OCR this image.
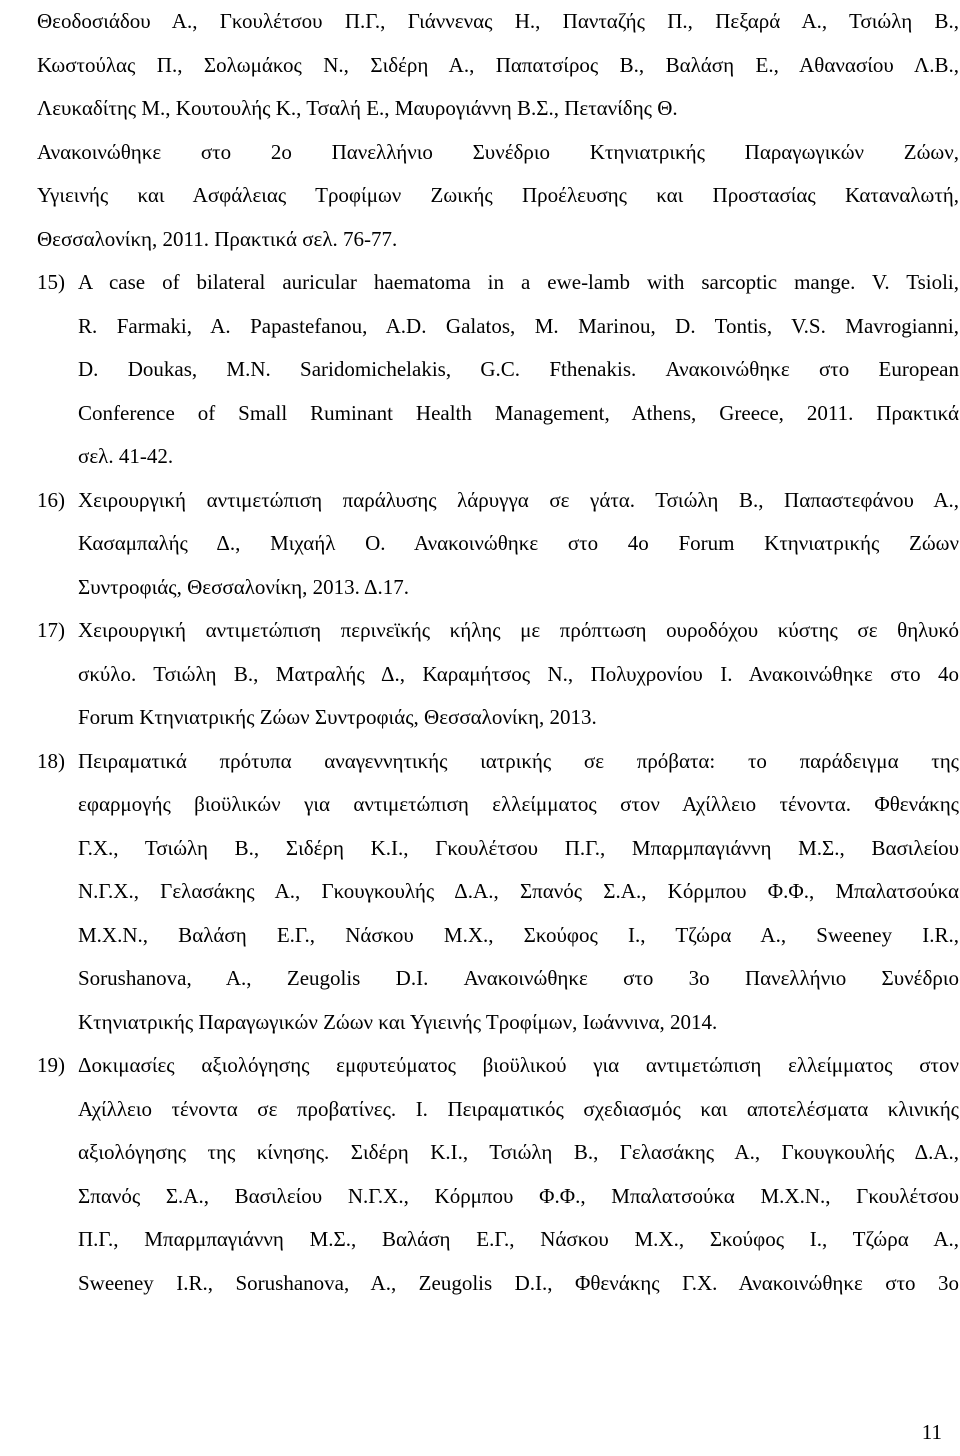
Θεοδοσιάδου Α., Γκουλέτσου Π.Γ., Γιάννενας Η., Πανταζής Π., Πεξαρά Α., Τσιώλη Β.,
Κωστούλας Π., Σολωμάκος Ν., Σιδέρη Α., Παπατσίρος Β., Βαλάση Ε., Αθανασίου Λ.Β.,
Λευκαδίτης Μ., Κουτουλής Κ., Τσαλή Ε., Μαυρογιάννη Β.Σ., Πετανίδης Θ.
Ανακοινώθηκε στο 2ο Πανελλήνιο Συνέδριο Κτηνιατρικής Παραγωγικών Ζώων,
Υγιεινής και Ασφάλειας Τροφίμων Ζωικής Προέλευσης και Προστασίας Καταναλωτή,
Θεσσαλονίκη, 2011. Πρακτικά σελ. 76-77.
15) A case of bilateral auricular haematoma in a ewe-lamb with sarcoptic mange. V. Tsioli,
R. Farmaki, A. Papastefanou, A.D. Galatos, M. Marinou, D. Tontis, V.S. Mavrogianni,
D. Doukas, M.N. Saridomichelakis, G.C. Fthenakis. Ανακοινώθηκε στο European
Conference of Small Ruminant Health Management, Athens, Greece, 2011. Πρακτικά
σελ. 41-42.
16) Χειρουργική αντιμετώπιση παράλυσης λάρυγγα σε γάτα. Τσιώλη Β., Παπαστεφάνου Α.,
Κασαμπαλής Δ., Μιχαήλ Ο. Ανακοινώθηκε στο 4ο Forum Κτηνιατρικής Ζώων
Συντροφιάς, Θεσσαλονίκη, 2013. Δ.17.
17) Χειρουργική αντιμετώπιση περινεϊκής κήλης με πρόπτωση ουροδόχου κύστης σε θηλυκό
σκύλο. Τσιώλη Β., Ματραλής Δ., Καραμήτσος Ν., Πολυχρονίου Ι. Ανακοινώθηκε στο 4ο
Forum Κτηνιατρικής Ζώων Συντροφιάς, Θεσσαλονίκη, 2013.
18) Πειραματικά πρότυπα αναγεννητικής ιατρικής σε πρόβατα: το παράδειγμα της
εφαρμογής βιοϋλικών για αντιμετώπιση ελλείμματος στον Αχίλλειο τένοντα. Φθενάκης
Γ.Χ., Τσιώλη Β., Σιδέρη Κ.Ι., Γκουλέτσου Π.Γ., Μπαρμπαγιάννη Μ.Σ., Βασιλείου
Ν.Γ.Χ., Γελασάκης Α., Γκουγκουλής Δ.Α., Σπανός Σ.Α., Κόρμπου Φ.Φ., Μπαλατσούκα
Μ.Χ.Ν., Βαλάση Ε.Γ., Νάσκου Μ.Χ., Σκούφος Ι., Τζώρα Α., Sweeney I.R.,
Sorushanova, A., Zeugolis D.I. Ανακοινώθηκε στο 3ο Πανελλήνιο Συνέδριο
Κτηνιατρικής Παραγωγικών Ζώων και Υγιεινής Τροφίμων, Ιωάννινα, 2014.
19) Δοκιμασίες αξιολόγησης εμφυτεύματος βιοϋλικού για αντιμετώπιση ελλείμματος στον
Αχίλλειο τένοντα σε προβατίνες. Ι. Πειραματικός σχεδιασμός και αποτελέσματα κλινικής
αξιολόγησης της κίνησης. Σιδέρη Κ.Ι., Τσιώλη Β., Γελασάκης Α., Γκουγκουλής Δ.Α.,
Σπανός Σ.Α., Βασιλείου Ν.Γ.Χ., Κόρμπου Φ.Φ., Μπαλατσούκα Μ.Χ.Ν., Γκουλέτσου
Π.Γ., Μπαρμπαγιάννη Μ.Σ., Βαλάση Ε.Γ., Νάσκου Μ.Χ., Σκούφος Ι., Τζώρα Α.,
Sweeney I.R., Sorushanova, A., Zeugolis D.I., Φθενάκης Γ.Χ. Ανακοινώθηκε στο 3ο
11
